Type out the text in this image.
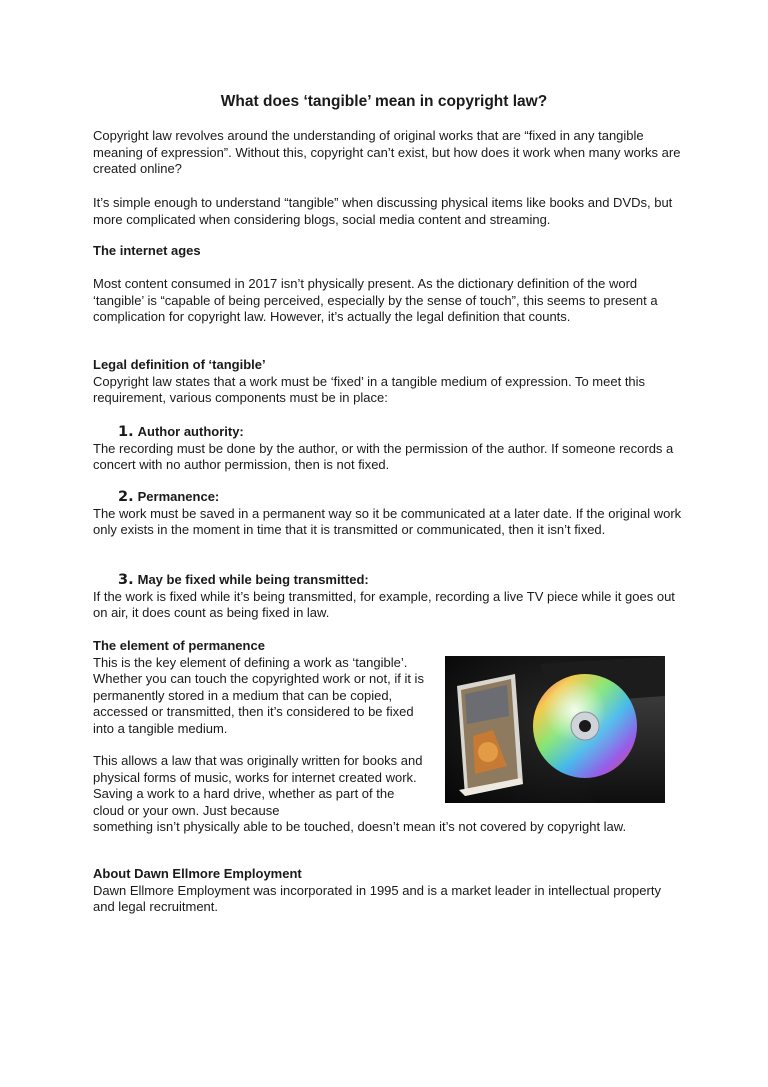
What does ‘tangible’ mean in copyright law?

Copyright law revolves around the understanding of original works that are “fixed in any tangible meaning of expression”. Without this, copyright can’t exist, but how does it work when many works are created online?

It’s simple enough to understand “tangible” when discussing physical items like books and DVDs, but more complicated when considering blogs, social media content and streaming.

The internet ages

Most content consumed in 2017 isn’t physically present. As the dictionary definition of the word ‘tangible’ is “capable of being perceived, especially by the sense of touch”, this seems to present a complication for copyright law. However, it’s actually the legal definition that counts.

Legal definition of ‘tangible’

Copyright law states that a work must be ‘fixed’ in a tangible medium of expression. To meet this requirement, various components must be in place:

1. Author authority:

The recording must be done by the author, or with the permission of the author. If someone records a concert with no author permission, then is not fixed.

2. Permanence:

The work must be saved in a permanent way so it be communicated at a later date. If the original work only exists in the moment in time that it is transmitted or communicated, then it isn’t fixed.

3. May be fixed while being transmitted:

If the work is fixed while it’s being transmitted, for example, recording a live TV piece while it goes out on air, it does count as being fixed in law.

The element of permanence

This is the key element of defining a work as ‘tangible’. Whether you can touch the copyrighted work or not, if it is permanently stored in a medium that can be copied, accessed or transmitted, then it’s considered to be fixed into a tangible medium.

This allows a law that was originally written for books and physical forms of music, works for internet created work. Saving a work to a hard drive, whether as part of the cloud or your own. Just because

something isn’t physically able to be touched, doesn’t mean it’s not covered by copyright law.

About Dawn Ellmore Employment

Dawn Ellmore Employment was incorporated in 1995 and is a market leader in intellectual property and legal recruitment.
